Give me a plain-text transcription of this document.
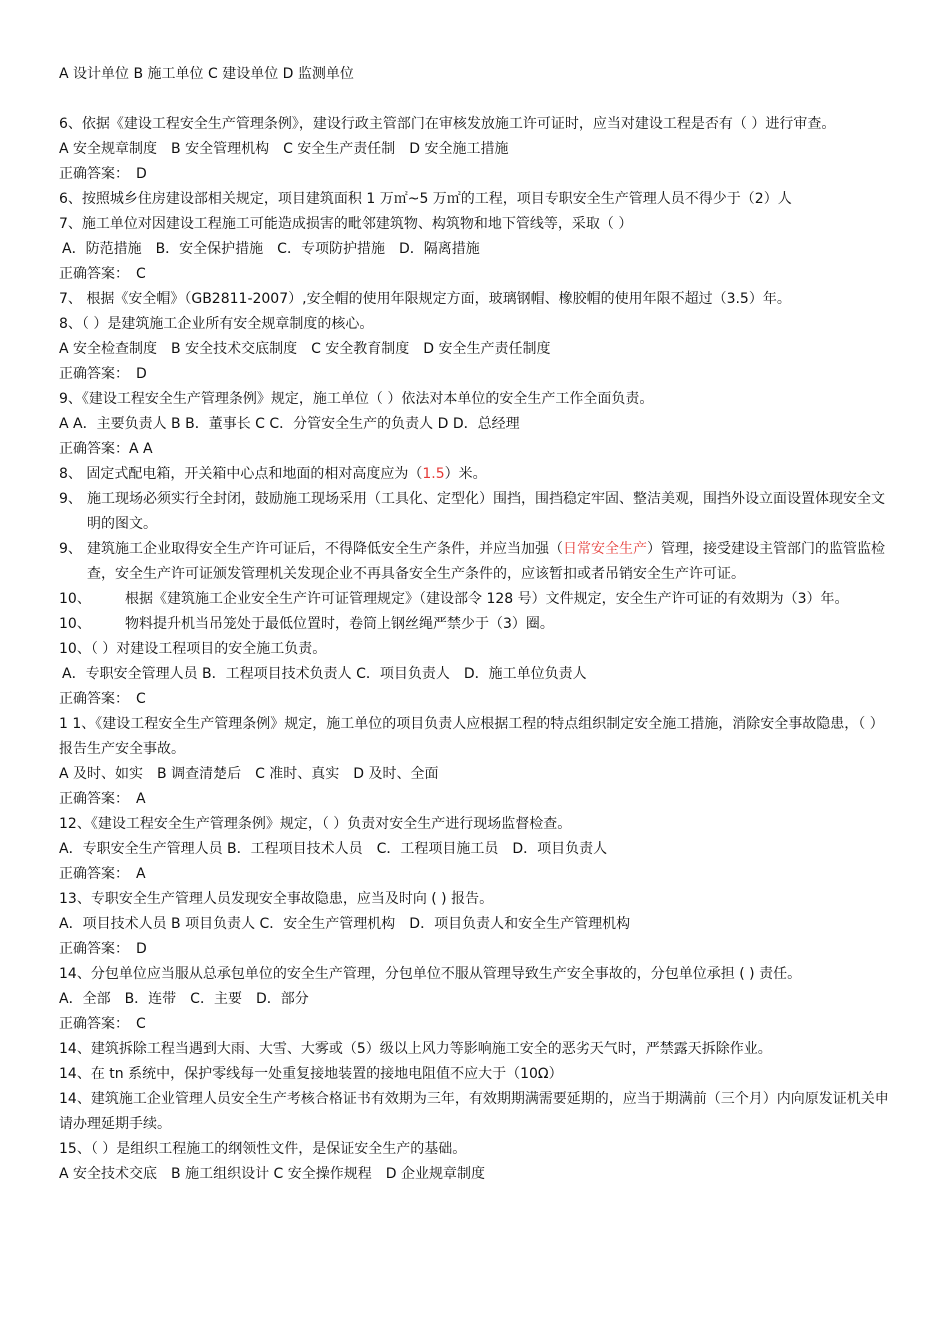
A 设计单位 B 施工单位 C 建设单位 D 监测单位
6、依据《建设工程安全生产管理条例》，建设行政主管部门在审核发放施工许可证时，应当对建设工程是否有（ ）进行审查。
A 安全规章制度　B 安全管理机构　C 安全生产责任制　D 安全施工措施
正确答案：　D
6、按照城乡住房建设部相关规定，项目建筑面积 1 万㎡~5 万㎡的工程，项目专职安全生产管理人员不得少于（2）人
7、施工单位对因建设工程施工可能造成损害的毗邻建筑物、构筑物和地下管线等，采取（ ）
A．防范措施　B．安全保护措施　C．专项防护措施　D．隔离措施
正确答案：　C
7、 根据《安全帽》（GB2811-2007）,安全帽的使用年限规定方面，玻璃钢帽、橡胶帽的使用年限不超过（3.5）年。
8、（ ）是建筑施工企业所有安全规章制度的核心。
A 安全检查制度　B 安全技术交底制度　C 安全教育制度　D 安全生产责任制度
正确答案：　D
9、《建设工程安全生产管理条例》规定，施工单位（ ）依法对本单位的安全生产工作全面负责。
A A．主要负责人 B B．董事长 C C．分管安全生产的负责人 D D．总经理
正确答案：A A
8、 固定式配电箱，开关箱中心点和地面的相对高度应为（1.5）米。
9、 施工现场必须实行全封闭，鼓励施工现场采用（工具化、定型化）围挡，围挡稳定牢固、整洁美观，围挡外设立面设置体现安全文明的图文。
9、 建筑施工企业取得安全生产许可证后，不得降低安全生产条件，并应当加强（日常安全生产）管理，接受建设主管部门的监管监检查，安全生产许可证颁发管理机关发现企业不再具备安全生产条件的，应该暂扣或者吊销安全生产许可证。
10、	根据《建筑施工企业安全生产许可证管理规定》（建设部令 128 号）文件规定，安全生产许可证的有效期为（3）年。
10、	物料提升机当吊笼处于最低位置时，卷筒上钢丝绳严禁少于（3）圈。
10、（ ）对建设工程项目的安全施工负责。
A．专职安全管理人员 B．工程项目技术负责人 C．项目负责人　D．施工单位负责人
正确答案：　C
1 1、《建设工程安全生产管理条例》规定，施工单位的项目负责人应根据工程的特点组织制定安全施工措施，消除安全事故隐患，（ ）报告生产安全事故。
A 及时、如实　B 调查清楚后　C 准时、真实　D 及时、全面
正确答案：　A
12、《建设工程安全生产管理条例》规定，（ ）负责对安全生产进行现场监督检查。
A．专职安全生产管理人员 B．工程项目技术人员　C．工程项目施工员　D．项目负责人
正确答案：　A
13、专职安全生产管理人员发现安全事故隐患，应当及时向 ( ) 报告。
A．项目技术人员 B 项目负责人 C．安全生产管理机构　D．项目负责人和安全生产管理机构
正确答案：　D
14、分包单位应当服从总承包单位的安全生产管理，分包单位不服从管理导致生产安全事故的，分包单位承担 ( ) 责任。
A．全部　B．连带　C．主要　D．部分
正确答案：　C
14、建筑拆除工程当遇到大雨、大雪、大雾或（5）级以上风力等影响施工安全的恶劣天气时，严禁露天拆除作业。
14、在 tn 系统中，保护零线每一处重复接地装置的接地电阻值不应大于（10Ω）
14、建筑施工企业管理人员安全生产考核合格证书有效期为三年，有效期期满需要延期的，应当于期满前（三个月）内向原发证机关申请办理延期手续。
15、（ ）是组织工程施工的纲领性文件，是保证安全生产的基础。
A 安全技术交底　B 施工组织设计 C 安全操作规程　D 企业规章制度
